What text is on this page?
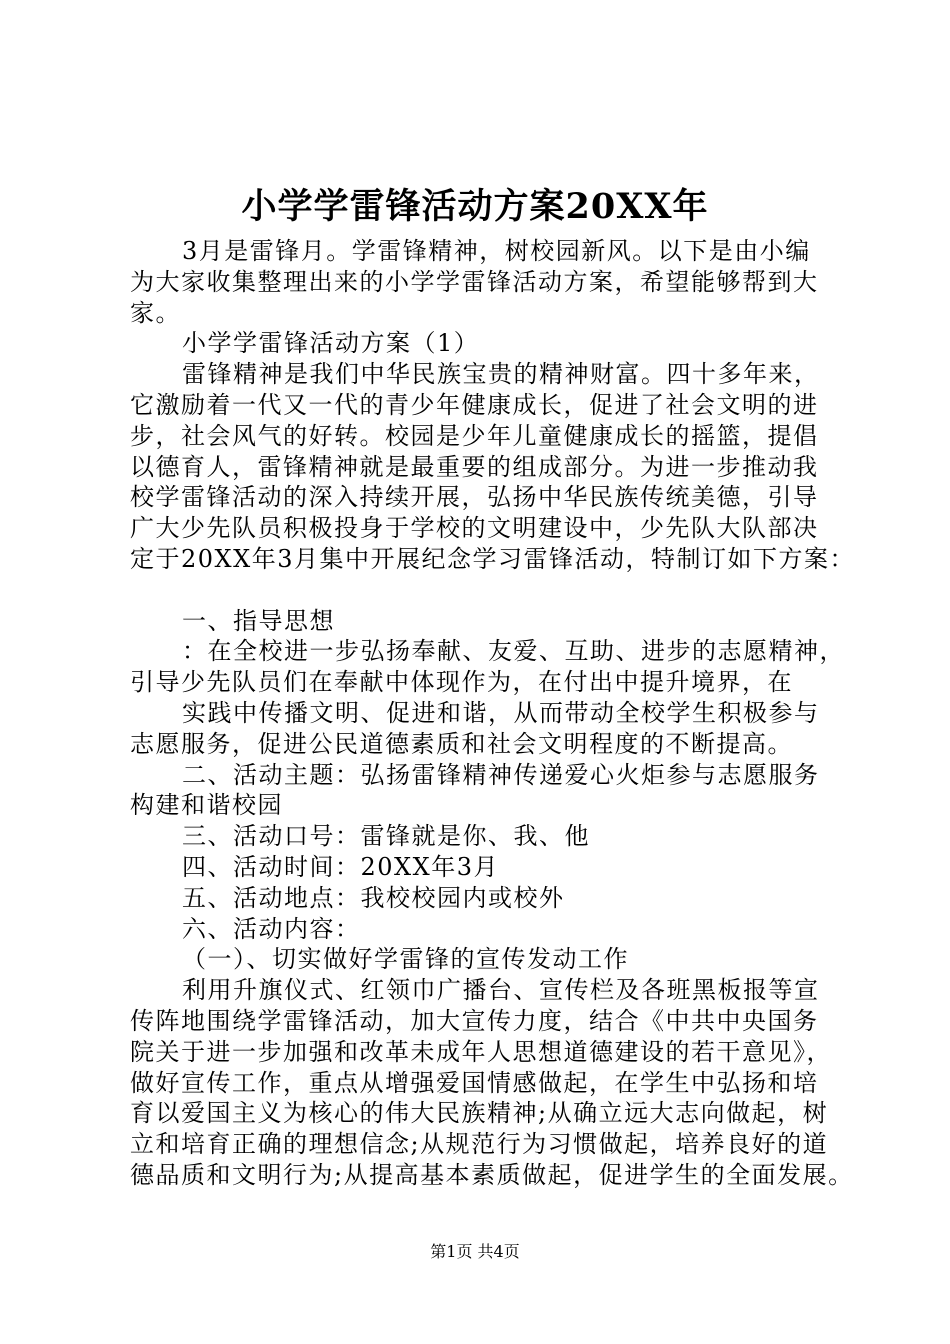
小学学雷锋活动方案20XX年
3月是雷锋月。学雷锋精神，树校园新风。以下是由小编
为大家收集整理出来的小学学雷锋活动方案，希望能够帮到大
家。
小学学雷锋活动方案（1）
雷锋精神是我们中华民族宝贵的精神财富。四十多年来，
它激励着一代又一代的青少年健康成长，促进了社会文明的进
步，社会风气的好转。校园是少年儿童健康成长的摇篮，提倡
以德育人，雷锋精神就是最重要的组成部分。为进一步推动我
校学雷锋活动的深入持续开展，弘扬中华民族传统美德，引导
广大少先队员积极投身于学校的文明建设中，少先队大队部决
定于20XX年3月集中开展纪念学习雷锋活动，特制订如下方案：
一、指导思想
：在全校进一步弘扬奉献、友爱、互助、进步的志愿精神，
引导少先队员们在奉献中体现作为，在付出中提升境界，在
实践中传播文明、促进和谐，从而带动全校学生积极参与
志愿服务，促进公民道德素质和社会文明程度的不断提高。
二、活动主题：弘扬雷锋精神传递爱心火炬参与志愿服务
构建和谐校园
三、活动口号：雷锋就是你、我、他
四、活动时间：20XX年3月
五、活动地点：我校校园内或校外
六、活动内容：
（一）、切实做好学雷锋的宣传发动工作
利用升旗仪式、红领巾广播台、宣传栏及各班黑板报等宣
传阵地围绕学雷锋活动，加大宣传力度，结合《中共中央国务
院关于进一步加强和改革未成年人思想道德建设的若干意见》，
做好宣传工作，重点从增强爱国情感做起，在学生中弘扬和培
育以爱国主义为核心的伟大民族精神;从确立远大志向做起，树
立和培育正确的理想信念;从规范行为习惯做起，培养良好的道
德品质和文明行为;从提高基本素质做起，促进学生的全面发展。
第1页 共4页
